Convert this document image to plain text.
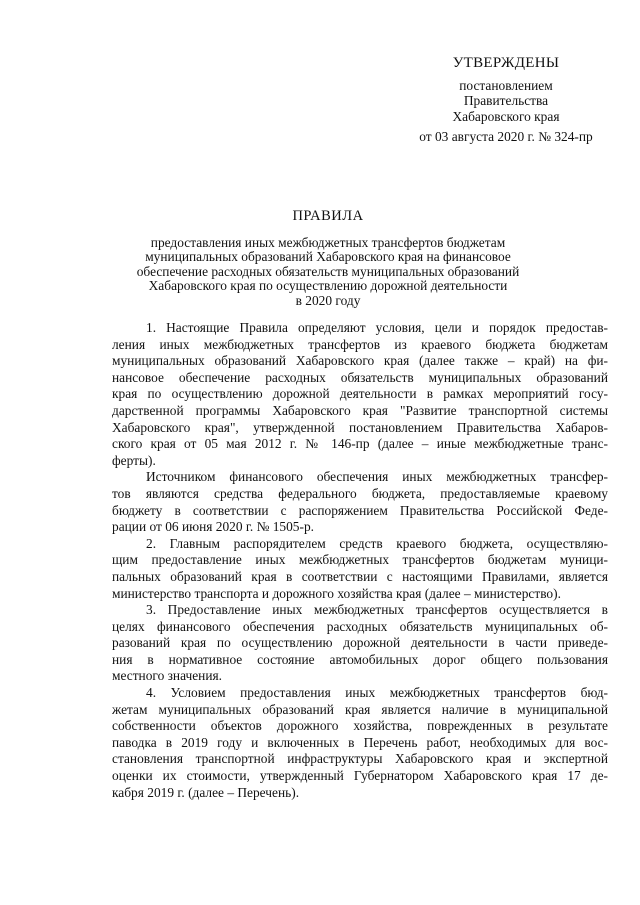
УТВЕРЖДЕНЫ
постановлением
Правительства
Хабаровского края
от 03 августа 2020 г. № 324-пр
ПРАВИЛА
предоставления иных межбюджетных трансфертов бюджетам
муниципальных образований Хабаровского края на финансовое
обеспечение расходных обязательств муниципальных образований
Хабаровского края по осуществлению дорожной деятельности
в 2020 году

1. Настоящие Правила определяют условия, цели и порядок предостав-
ления иных межбюджетных трансфертов из краевого бюджета бюджетам
муниципальных образований Хабаровского края (далее также – край) на фи-
нансовое обеспечение расходных обязательств муниципальных образований
края по осуществлению дорожной деятельности в рамках мероприятий госу-
дарственной программы Хабаровского края "Развитие транспортной системы
Хабаровского края", утвержденной постановлением Правительства Хабаров-
ского края от 05 мая 2012 г. № 146-пр (далее – иные межбюджетные транс-
ферты).

Источником финансового обеспечения иных межбюджетных трансфер-
тов являются средства федерального бюджета, предоставляемые краевому
бюджету в соответствии с распоряжением Правительства Российской Феде-
рации от 06 июня 2020 г. № 1505-р.

2. Главным распорядителем средств краевого бюджета, осуществляю-
щим предоставление иных межбюджетных трансфертов бюджетам муници-
пальных образований края в соответствии с настоящими Правилами, является
министерство транспорта и дорожного хозяйства края (далее – министерство).

3. Предоставление иных межбюджетных трансфертов осуществляется в
целях финансового обеспечения расходных обязательств муниципальных об-
разований края по осуществлению дорожной деятельности в части приведе-
ния в нормативное состояние автомобильных дорог общего пользования
местного значения.

4. Условием предоставления иных межбюджетных трансфертов бюд-
жетам муниципальных образований края является наличие в муниципальной
собственности объектов дорожного хозяйства, поврежденных в результате
паводка в 2019 году и включенных в Перечень работ, необходимых для вос-
становления транспортной инфраструктуры Хабаровского края и экспертной
оценки их стоимости, утвержденный Губернатором Хабаровского края 17 де-
кабря 2019 г. (далее – Перечень).
